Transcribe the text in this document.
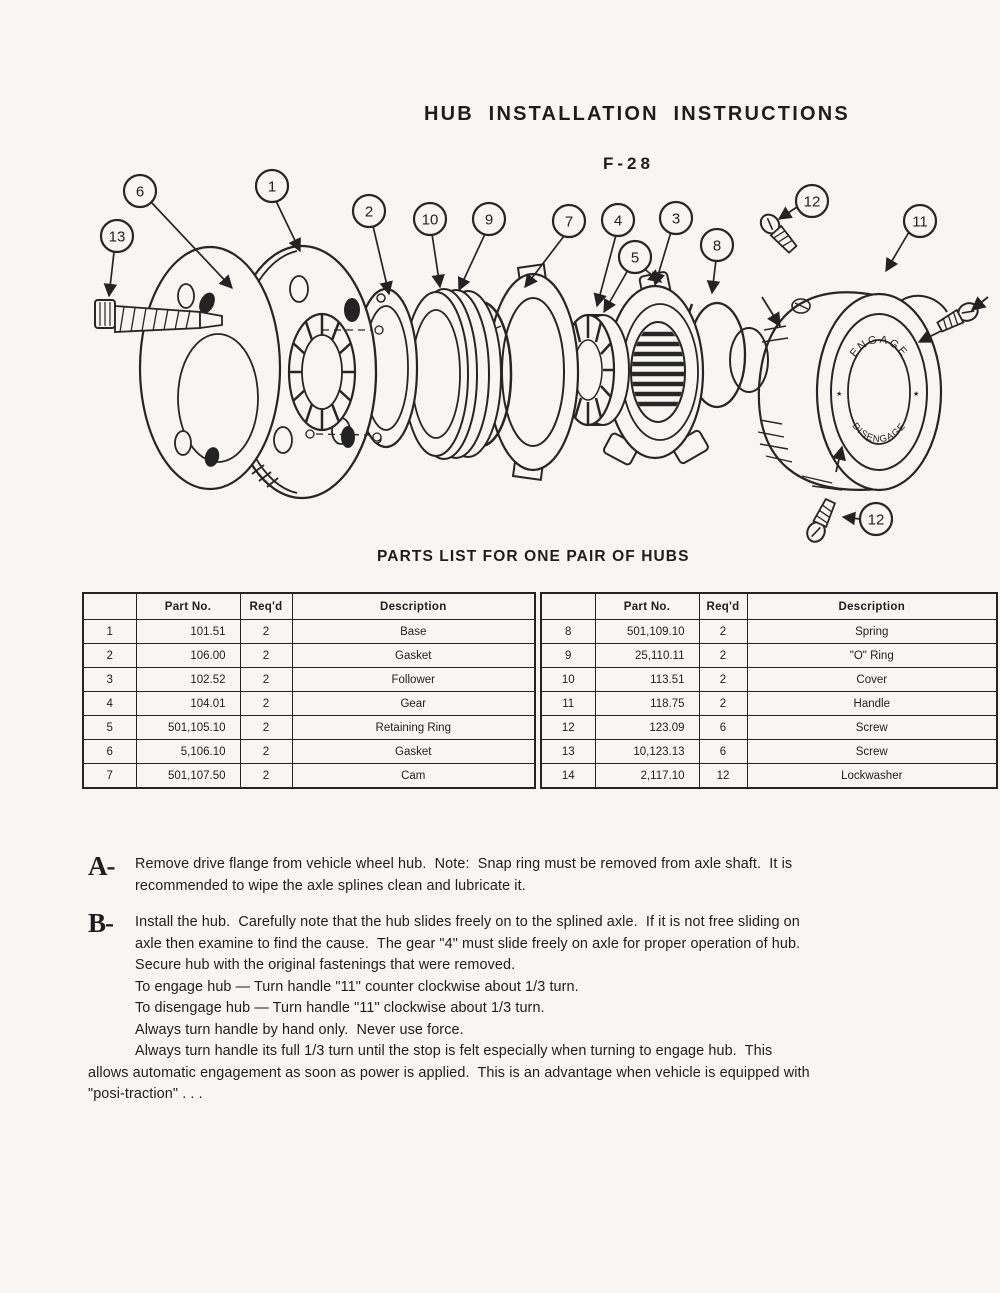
HUB INSTALLATION INSTRUCTIONS
F-28
ENGAGE
DISENGAGE
★	★
13
6	1
2	10	9	7	4
5
3
8
12
11
12
PARTS LIST FOR ONE PAIR OF HUBS
	Part No.	Req'd	Description
1	101.51	2	Base
2	106.00	2	Gasket
3	102.52	2	Follower
4	104.01	2	Gear
5	501,105.10	2	Retaining Ring
6	5,106.10	2	Gasket
7	501,107.50	2	Cam
	Part No.	Req'd	Description
8	501,109.10	2	Spring
9	25,110.11	2	"O" Ring
10	113.51	2	Cover
11	118.75	2	Handle
12	123.09	6	Screw
13	10,123.13	6	Screw
14	2,117.10	12	Lockwasher
A- Remove drive flange from vehicle wheel hub.  Note:  Snap ring must be removed from axle shaft.  It is
recommended to wipe the axle splines clean and lubricate it.
B- Install the hub.  Carefully note that the hub slides freely on to the splined axle.  If it is not free sliding on
axle then examine to find the cause.  The gear "4" must slide freely on axle for proper operation of hub.
Secure hub with the original fastenings that were removed.
To engage hub — Turn handle "11" counter clockwise about 1/3 turn.
To disengage hub — Turn handle "11" clockwise about 1/3 turn.
Always turn handle by hand only.  Never use force.
Always turn handle its full 1/3 turn until the stop is felt especially when turning to engage hub.  This
allows automatic engagement as soon as power is applied.  This is an advantage when vehicle is equipped with
"posi-traction" . . .
